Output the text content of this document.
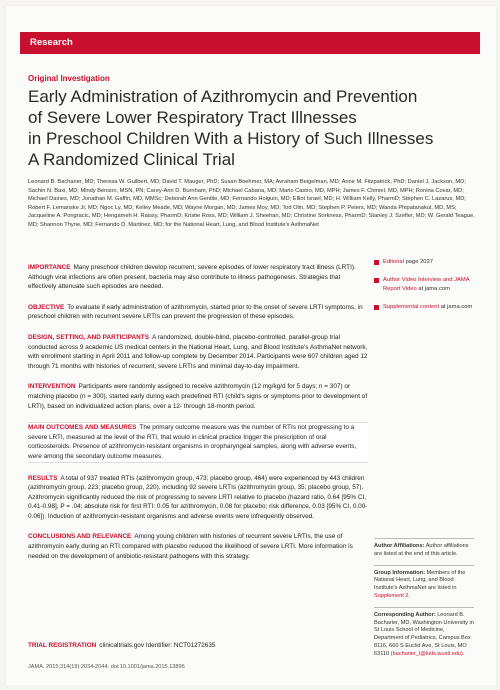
Research
Original Investigation
Early Administration of Azithromycin and Prevention
of Severe Lower Respiratory Tract Illnesses
in Preschool Children With a History of Such Illnesses
A Randomized Clinical Trial
Leonard B. Bacharier, MD; Theresa W. Guilbert, MD; David T. Mauger, PhD; Susan Boehmer, MA; Avraham Beigelman, MD; Anne M. Fitzpatrick, PhD; Daniel J. Jackson, MD; Sachin N. Baxi, MD; Mindy Benson, MSN, PN; Carey-Ann D. Burnham, PhD; Michael Cabana, MD; Mario Castro, MD, MPH; James F. Chmiel, MD, MPH; Ronina Covar, MD; Michael Daines, MD; Jonathan M. Gaffin, MD, MMSc; Deborah Ann Gentile, MD; Fernando Holguin, MD; Elliot Israel, MD; H. William Kelly, PharmD; Stephen C. Lazarus, MD; Robert F. Lemanske Jr, MD; Ngoc Ly, MD; Kelley Meade, MD; Wayne Morgan, MD; James Moy, MD; Tod Olin, MD; Stephen P. Peters, MD; Wanda Phipatanakul, MD, MS; Jacqueline A. Pongracic, MD; Hengameh H. Raissy, PharmD; Kristie Ross, MD; William J. Sheehan, MD; Christine Sorkness, PharmD; Stanley J. Szefler, MD; W. Gerald Teague, MD; Shannon Thyne, MD; Fernando D. Martinez, MD; for the National Heart, Lung, and Blood Institute's AsthmaNet

IMPORTANCE Many preschool children develop recurrent, severe episodes of lower respiratory tract illness (LRTI). Although viral infections are often present, bacteria may also contribute to illness pathogenesis. Strategies that effectively attenuate such episodes are needed.

OBJECTIVE To evaluate if early administration of azithromycin, started prior to the onset of severe LRTI symptoms, in preschool children with recurrent severe LRTIs can prevent the progression of these episodes.

DESIGN, SETTING, AND PARTICIPANTS A randomized, double-blind, placebo-controlled, parallel-group trial conducted across 9 academic US medical centers in the National Heart, Lung, and Blood Institute's AsthmaNet network, with enrollment starting in April 2011 and follow-up complete by December 2014. Participants were 607 children aged 12 through 71 months with histories of recurrent, severe LRTIs and minimal day-to-day impairment.

INTERVENTION Participants were randomly assigned to receive azithromycin (12 mg/kg/d for 5 days; n = 307) or matching placebo (n = 300), started early during each predefined RTI (child's signs or symptoms prior to development of LRTI), based on individualized action plans, over a 12- through 18-month period.

MAIN OUTCOMES AND MEASURES The primary outcome measure was the number of RTIs not progressing to a severe LRTI, measured at the level of the RTI, that would in clinical practice trigger the prescription of oral corticosteroids. Presence of azithromycin-resistant organisms in oropharyngeal samples, along with adverse events, were among the secondary outcome measures.

RESULTS A total of 937 treated RTIs (azithromycin group, 473; placebo group, 464) were experienced by 443 children (azithromycin group, 223; placebo group, 220), including 92 severe LRTIs (azithromycin group, 35; placebo group, 57). Azithromycin significantly reduced the risk of progressing to severe LRTI relative to placebo (hazard ratio, 0.64 [95% CI, 0.41-0.98], P = .04; absolute risk for first RTI: 0.05 for azithromycin, 0.08 for placebo; risk difference, 0.03 [95% CI, 0.00-0.06]). Induction of azithromycin-resistant organisms and adverse events were infrequently observed.

CONCLUSIONS AND RELEVANCE Among young children with histories of recurrent severe LRTIs, the use of azithromycin early during an RTI compared with placebo reduced the likelihood of severe LRTI. More information is needed on the development of antibiotic-resistant pathogens with this strategy.

TRIAL REGISTRATION clinicaltrials.gov Identifier: NCT01272635
Editorial page 2027
Author Video Interview and JAMA Report Video at jama.com
Supplemental content at jama.com

Author Affiliations: Author affiliations are listed at the end of this article.

Group Information: Members of the National Heart, Lung, and Blood Institute's AsthmaNet are listed in Supplement 2.

Corresponding Author: Leonard B. Bacharier, MD, Washington University in St Louis School of Medicine, Department of Pediatrics, Campus Box 8116, 660 S Euclid Ave, St Louis, MO 63110 (bacharier_l@kids.wustl.edu).

JAMA. 2015;314(19):2034-2044. doi:10.1001/jama.2015.13896
